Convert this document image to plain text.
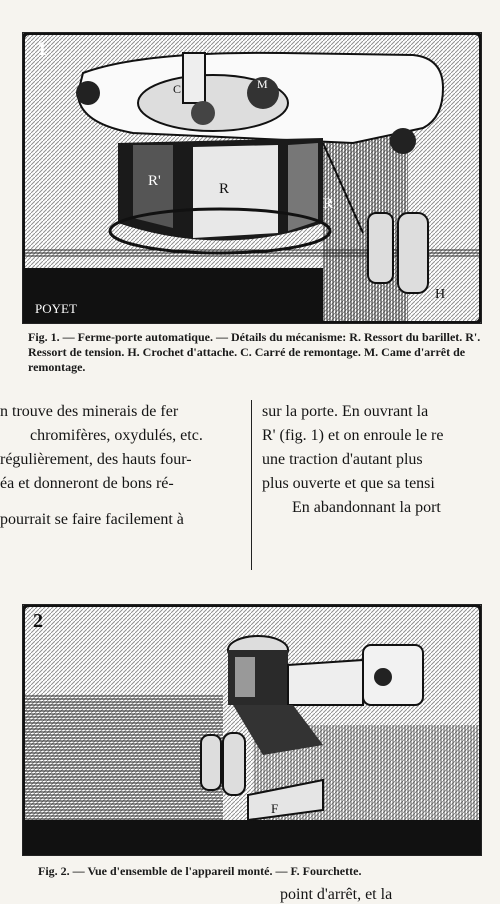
1
R'	R
R'
H
C	M
POYET
Fig. 1. — Ferme-porte automatique. — Détails du mécanisme: R. Ressort du barillet. R'. Ressort de tension. H. Crochet d'attache. C. Carré de remontage. M. Came d'arrêt de remontage.
n trouve des minerais de fer
chromifères, oxydulés, etc.
régulièrement, des hauts four-
éa et donneront de bons ré-
pourrait se faire facilement à
sur la porte. En ouvrant la
R' (fig. 1) et on enroule le re
une traction d'autant plus
plus ouverte et que sa tensi
En abandonnant la port
2
F
Fig. 2. — Vue d'ensemble de l'appareil monté. — F. Fourchette.
point d'arrêt, et la
